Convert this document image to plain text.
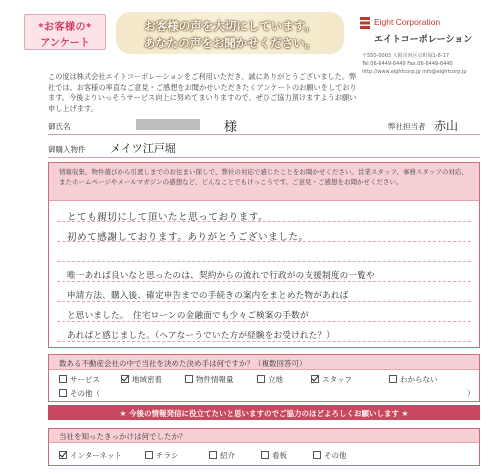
*お客様の*
アンケート
お客様の声を大切にしています。
あなたの声をお聞かせください。
Eight Corporation
エイトコーポレーション
〒550-0003 大阪市西区京町堀1-8-17
Tel.06-6449-6449 Fax.06-6449-6440
http://www.eightcorp.jp info@eightcorp.jp
この度は株式会社エイトコーポレーションをご利用いただき、誠にありがとうございました。弊社では、お客様の率直なご意見・ご感想をお聞かせいただきたくアンケートのお願いをしております。今後よりいっそうサービス向上に努めてまいりますので、ぜひご協力頂けますようお願い申し上げます。
御氏名	様	弊社担当者 赤山
御購入物件 メイツ江戸堀
情報収集、物件選びから引渡しまでのお住まい探しで、弊社の対応で感じたことをお聞かせください。営業スタッフ、事務スタッフの対応、またホームページやメールマガジンの感想など、どんなことでもけっこうです。ご意見・ご感想をお聞かせください。
とても親切にして頂いたと思っております。
初めて感謝しております。ありがとうございました。
唯一あれば良いなと思ったのは、契約からの流れで行政がの支援制度の一覧や
申請方法、購入後、確定申告までの手続きの案内をまとめた物があれば
と思いました。　住宅ローンの金融面でも少々ご検案の手数が
あればと感じました。（ヘアなーうでいた方が経験をお受けれた？）
数ある不動産会社の中で当社を決めた決め手は何ですか？（複数回答可）
サービス	地域密着	物件情報量	立地	スタッフ	わからない
その他（	）
★ 今後の情報発信に役立てたいと思いますのでご協力のほどよろしくお願いします ★
当社を知ったきっかけは何でしたか？
インターネット	チラシ	紹介	看板	その他
